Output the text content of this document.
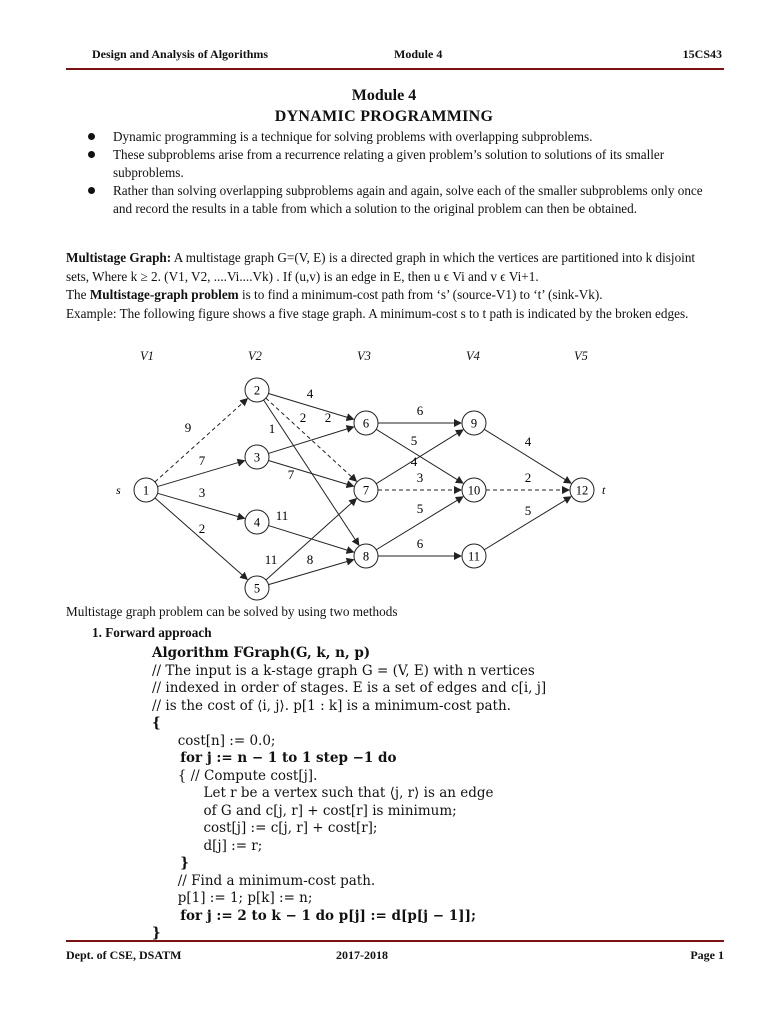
Design and Analysis of Algorithms	Module 4	15CS43
Module 4
DYNAMIC PROGRAMMING
Dynamic programming is a technique for solving problems with overlapping subproblems.
These subproblems arise from a recurrence relating a given problem’s solution to solutions of its smaller subproblems.
Rather than solving overlapping subproblems again and again, solve each of the smaller subproblems only once and record the results in a table from which a solution to the original problem can then be obtained.
Multistage Graph: A multistage graph G=(V, E) is a directed graph in which the vertices are partitioned into k disjoint sets, Where k ≥ 2. (V1, V2, ....Vi....Vk) . If (u,v) is an edge in E, then u ϵ Vi and v ϵ Vi+1.
The Multistage-graph problem is to find a minimum-cost path from ‘s’ (source-V1) to ‘t’ (sink-Vk).
Example: The following figure shows a five stage graph. A minimum-cost s to t path is indicated by the broken edges.
V1	V2	V3	V4	V5
9
7
3
2
4
2
1
2
7
11
11 8
6
5
4
3
5
6
4
2
5
1
2
3
4
5
6
7
8
9
10
11
12
s	t
Multistage graph problem can be solved by using two methods
1. Forward approach
Algorithm FGraph(G, k, n, p)
// The input is a k-stage graph G = (V, E) with n vertices
// indexed in order of stages. E is a set of edges and c[i, j]
// is the cost of ⟨i, j⟩. p[1 : k] is a minimum-cost path.
{
cost[n] := 0.0;
for j := n − 1 to 1 step −1 do
{ // Compute cost[j].
Let r be a vertex such that ⟨j, r⟩ is an edge
of G and c[j, r] + cost[r] is minimum;
cost[j] := c[j, r] + cost[r];
d[j] := r;
}
// Find a minimum-cost path.
p[1] := 1; p[k] := n;
for j := 2 to k − 1 do p[j] := d[p[j − 1]];
}
Dept. of CSE, DSATM	2017-2018	Page 1
